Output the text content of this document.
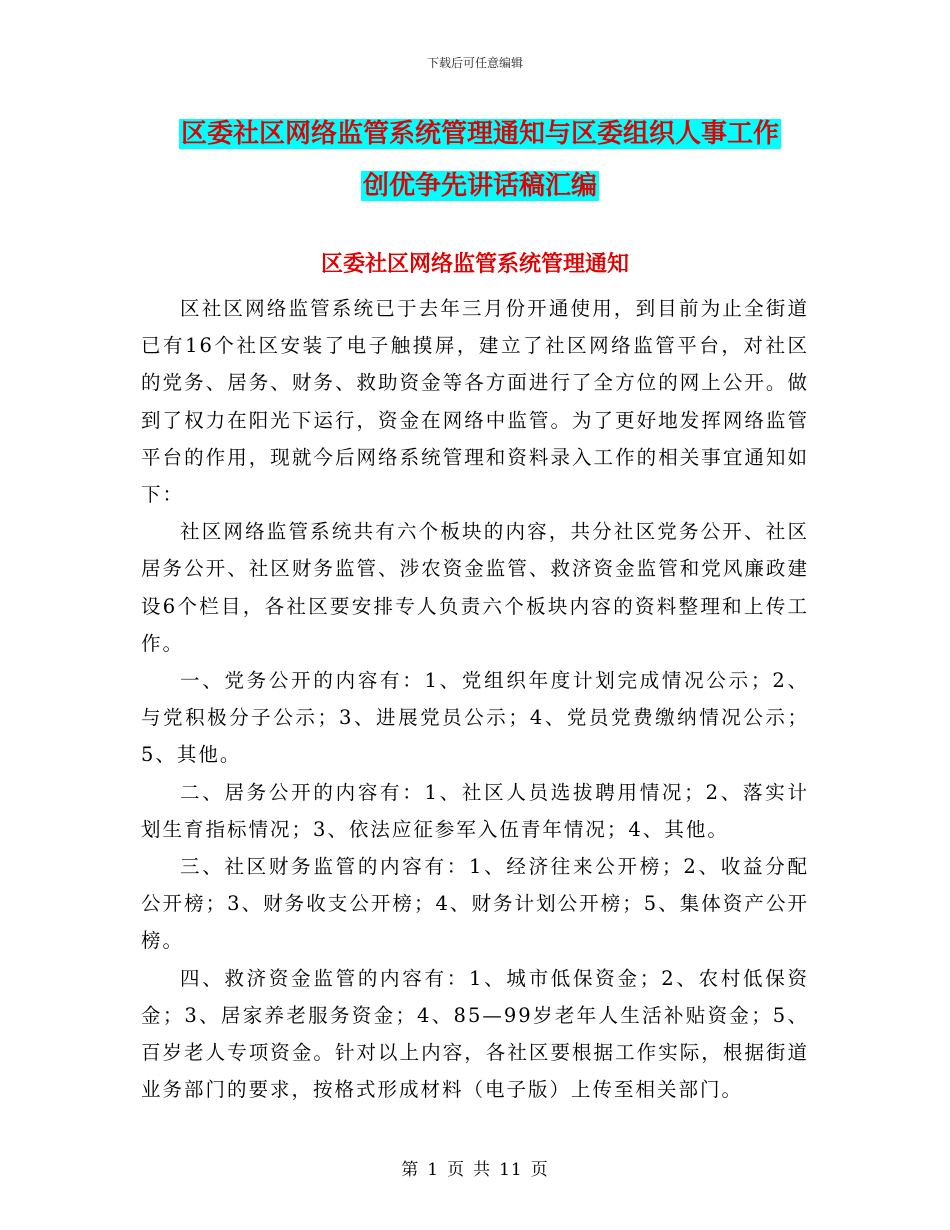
下载后可任意编辑
区委社区网络监管系统管理通知与区委组织人事工作
创优争先讲话稿汇编
区委社区网络监管系统管理通知

区社区网络监管系统已于去年三月份开通使用，到目前为止全街道已有16个社区安装了电子触摸屏，建立了社区网络监管平台，对社区的党务、居务、财务、救助资金等各方面进行了全方位的网上公开。做到了权力在阳光下运行，资金在网络中监管。为了更好地发挥网络监管平台的作用，现就今后网络系统管理和资料录入工作的相关事宜通知如下：

社区网络监管系统共有六个板块的内容，共分社区党务公开、社区居务公开、社区财务监管、涉农资金监管、救济资金监管和党风廉政建设6个栏目，各社区要安排专人负责六个板块内容的资料整理和上传工作。

一、党务公开的内容有：1、党组织年度计划完成情况公示；2、与党积极分子公示；3、进展党员公示；4、党员党费缴纳情况公示；5、其他。

二、居务公开的内容有：1、社区人员选拔聘用情况；2、落实计划生育指标情况；3、依法应征参军入伍青年情况；4、其他。

三、社区财务监管的内容有：1、经济往来公开榜；2、收益分配公开榜；3、财务收支公开榜；4、财务计划公开榜；5、集体资产公开榜。

四、救济资金监管的内容有：1、城市低保资金；2、农村低保资金；3、居家养老服务资金；4、85—99岁老年人生活补贴资金；5、百岁老人专项资金。针对以上内容，各社区要根据工作实际，根据街道业务部门的要求，按格式形成材料（电子版）上传至相关部门。

第 1 页 共 11 页
